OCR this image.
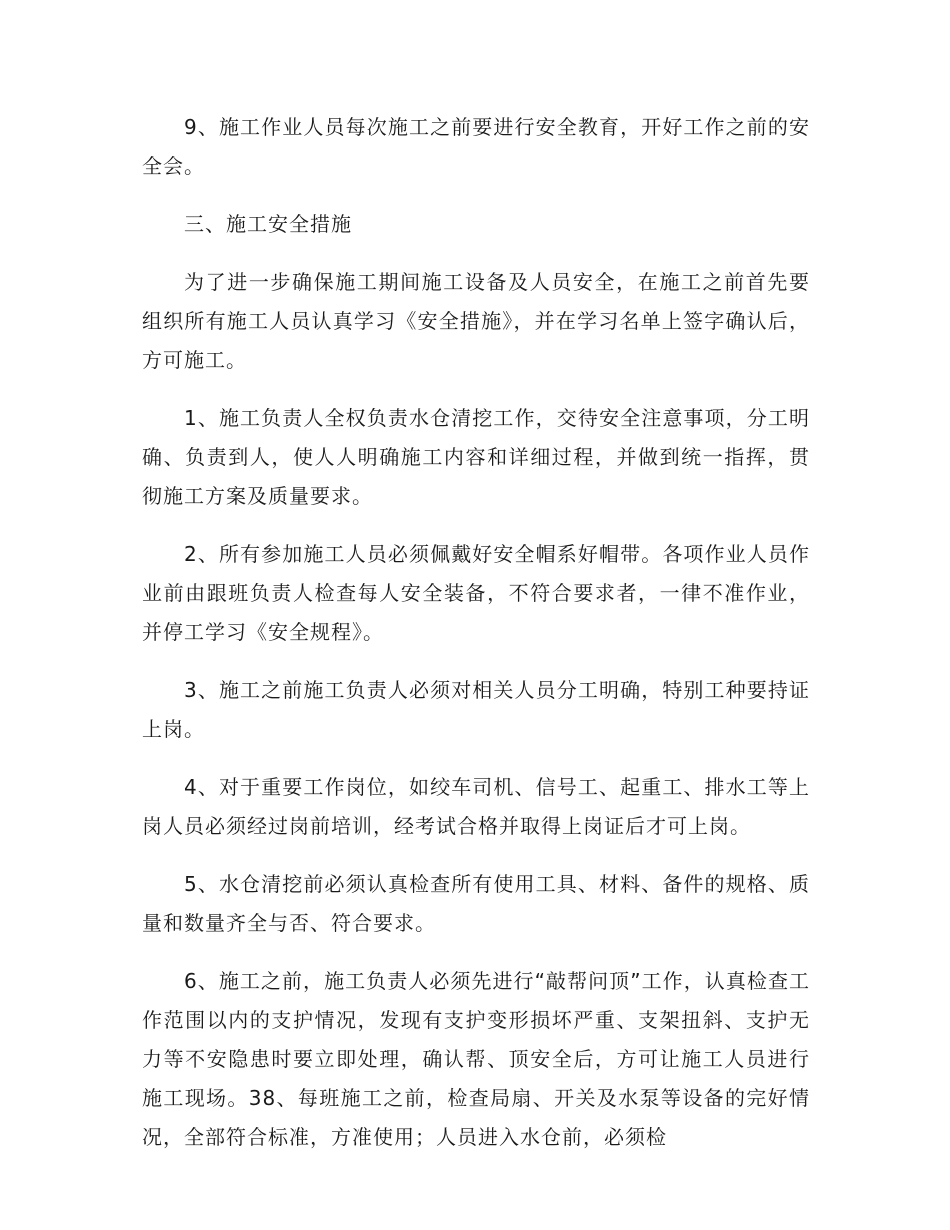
9、施工作业人员每次施工之前要进行安全教育，开好工作之前的安全会。

三、施工安全措施

为了进一步确保施工期间施工设备及人员安全，在施工之前首先要组织所有施工人员认真学习《安全措施》，并在学习名单上签字确认后，方可施工。

1、施工负责人全权负责水仓清挖工作，交待安全注意事项，分工明确、负责到人，使人人明确施工内容和详细过程，并做到统一指挥，贯彻施工方案及质量要求。

2、所有参加施工人员必须佩戴好安全帽系好帽带。各项作业人员作业前由跟班负责人检查每人安全装备，不符合要求者，一律不准作业，并停工学习《安全规程》。

3、施工之前施工负责人必须对相关人员分工明确，特别工种要持证上岗。

4、对于重要工作岗位，如绞车司机、信号工、起重工、排水工等上岗人员必须经过岗前培训，经考试合格并取得上岗证后才可上岗。

5、水仓清挖前必须认真检查所有使用工具、材料、备件的规格、质量和数量齐全与否、符合要求。

6、施工之前，施工负责人必须先进行“敲帮问顶”工作，认真检查工作范围以内的支护情况，发现有支护变形损坏严重、支架扭斜、支护无力等不安隐患时要立即处理，确认帮、顶安全后，方可让施工人员进行施工现场。38、每班施工之前，检查局扇、开关及水泵等设备的完好情况，全部符合标准，方准使用；人员进入水仓前，必须检
